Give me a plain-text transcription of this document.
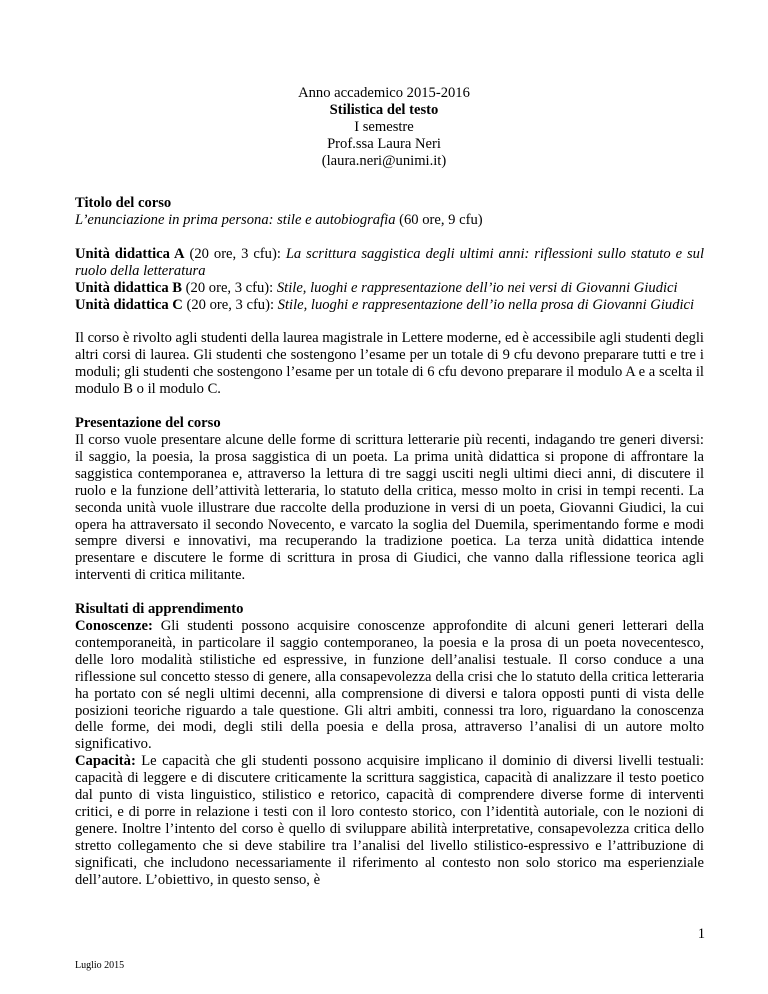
Anno accademico 2015-2016
Stilistica del testo
I semestre
Prof.ssa Laura Neri
(laura.neri@unimi.it)

Titolo del corso

L’enunciazione in prima persona: stile e autobiografia (60 ore, 9 cfu)

Unità didattica A (20 ore, 3 cfu): La scrittura saggistica degli ultimi anni: riflessioni sullo statuto e sul ruolo della letteratura

Unità didattica B (20 ore, 3 cfu): Stile, luoghi e rappresentazione dell’io nei versi di Giovanni Giudici

Unità didattica C (20 ore, 3 cfu): Stile, luoghi e rappresentazione dell’io nella prosa di Giovanni Giudici

Il corso è rivolto agli studenti della laurea magistrale in Lettere moderne, ed è accessibile agli studenti degli altri corsi di laurea. Gli studenti che sostengono l’esame per un totale di 9 cfu devono preparare tutti e tre i moduli; gli studenti che sostengono l’esame per un totale di 6 cfu devono preparare il modulo A e a scelta il modulo B o il modulo C.

Presentazione del corso

Il corso vuole presentare alcune delle forme di scrittura letterarie più recenti, indagando tre generi diversi: il saggio, la poesia, la prosa saggistica di un poeta. La prima unità didattica si propone di affrontare la saggistica contemporanea e, attraverso la lettura di tre saggi usciti negli ultimi dieci anni, di discutere il ruolo e la funzione dell’attività letteraria, lo statuto della critica, messo molto in crisi in tempi recenti. La seconda unità vuole illustrare due raccolte della produzione in versi di un poeta, Giovanni Giudici, la cui opera ha attraversato il secondo Novecento, e varcato la soglia del Duemila, sperimentando forme e modi sempre diversi e innovativi, ma recuperando la tradizione poetica. La terza unità didattica intende presentare e discutere le forme di scrittura in prosa di Giudici, che vanno dalla riflessione teorica agli interventi di critica militante.

Risultati di apprendimento

Conoscenze: Gli studenti possono acquisire conoscenze approfondite di alcuni generi letterari della contemporaneità, in particolare il saggio contemporaneo, la poesia e la prosa di un poeta novecentesco, delle loro modalità stilistiche ed espressive, in funzione dell’analisi testuale. Il corso conduce a una riflessione sul concetto stesso di genere, alla consapevolezza della crisi che lo statuto della critica letteraria ha portato con sé negli ultimi decenni, alla comprensione di diversi e talora opposti punti di vista delle posizioni teoriche riguardo a tale questione. Gli altri ambiti, connessi tra loro, riguardano la conoscenza delle forme, dei modi, degli stili della poesia e della prosa, attraverso l’analisi di un autore molto significativo.

Capacità: Le capacità che gli studenti possono acquisire implicano il dominio di diversi livelli testuali: capacità di leggere e di discutere criticamente la scrittura saggistica, capacità di analizzare il testo poetico dal punto di vista linguistico, stilistico e retorico, capacità di comprendere diverse forme di interventi critici, e di porre in relazione i testi con il loro contesto storico, con l’identità autoriale, con le nozioni di genere. Inoltre l’intento del corso è quello di sviluppare abilità interpretative, consapevolezza critica dello stretto collegamento che si deve stabilire tra l’analisi del livello stilistico-espressivo e l’attribuzione di significati, che includono necessariamente il riferimento al contesto non solo storico ma esperienziale dell’autore. L’obiettivo, in questo senso, è

1
Luglio 2015
